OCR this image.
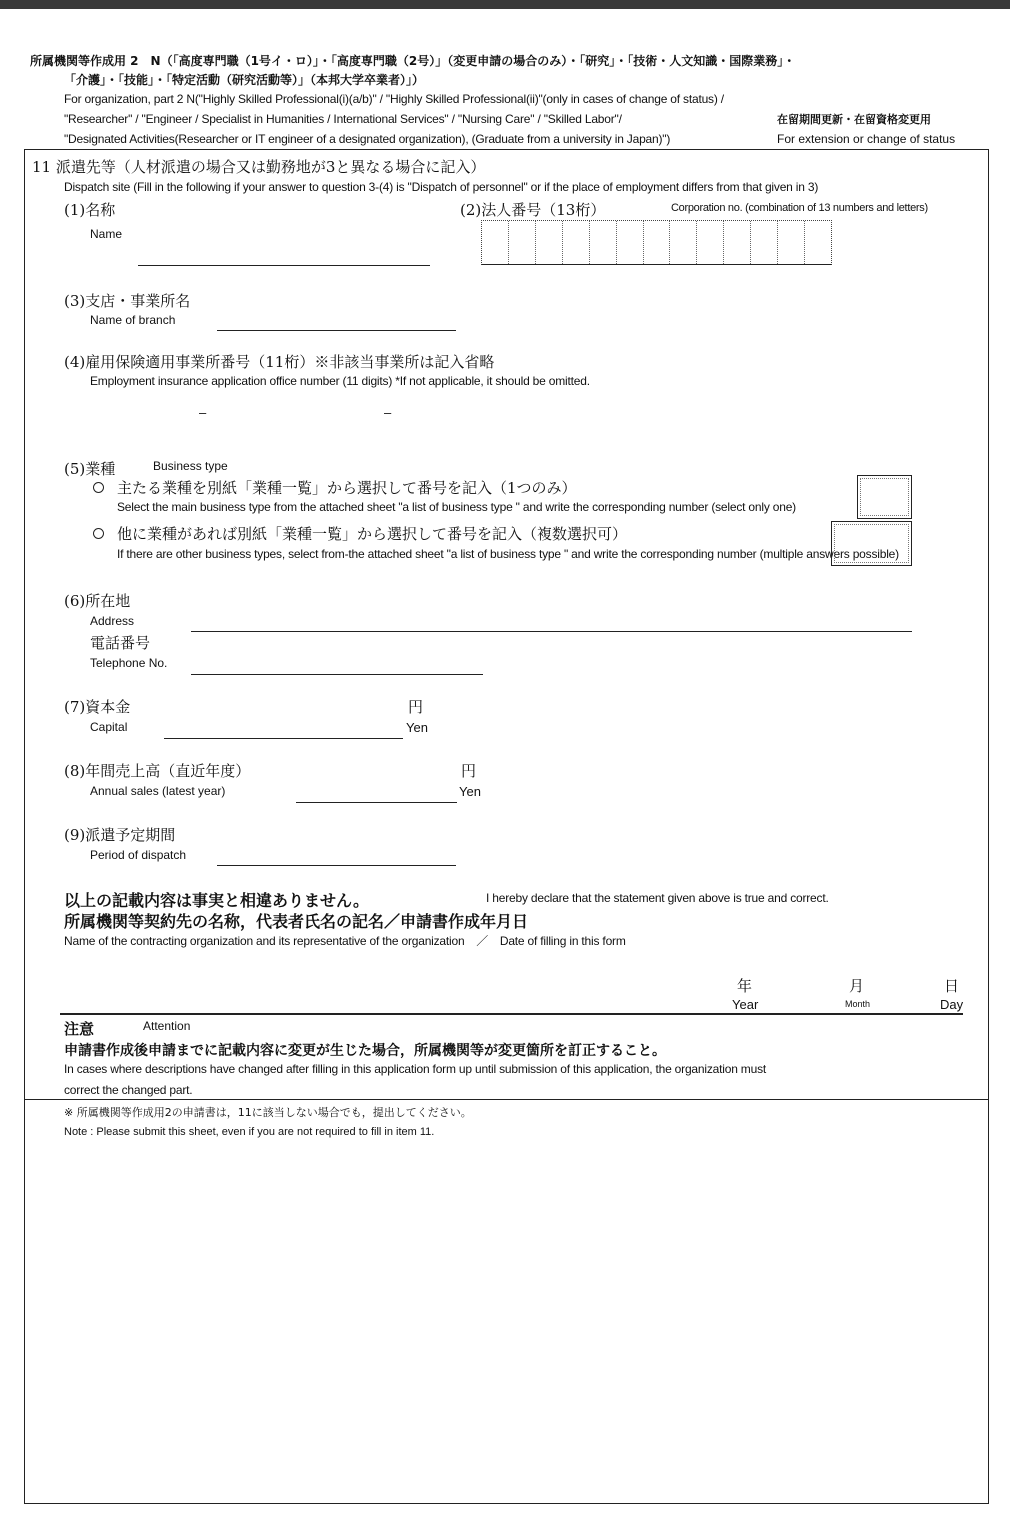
所属機関等作成用 2　N（「高度専門職（1号イ・ロ）」・「高度専門職（2号）」（変更申請の場合のみ）・「研究」・「技術・人文知識・国際業務」・
「介護」・「技能」・「特定活動（研究活動等）」（本邦大学卒業者）」）
For organization, part 2 N("Highly Skilled Professional(i)(a/b)" / "Highly Skilled Professional(ii)"(only in cases of change of status) /
"Researcher" / "Engineer / Specialist in Humanities / International Services" / "Nursing Care" / "Skilled Labor"/
"Designated Activities(Researcher or IT engineer of a designated organization), (Graduate from a university in Japan)")
在留期間更新・在留資格変更用
For extension or change of status
11 派遣先等（人材派遣の場合又は勤務地が3と異なる場合に記入）
Dispatch site (Fill in the following if your answer to question 3-(4) is "Dispatch of personnel" or if the place of employment differs from that given in 3)
(1)名称
Name
(2)法人番号（13桁）	Corporation no. (combination of 13 numbers and letters)
(3)支店・事業所名
Name of branch
(4)雇用保険適用事業所番号（11桁）※非該当事業所は記入省略
Employment insurance application office number (11 digits) *If not applicable, it should be omitted.
–	–
(5)業種	Business type
主たる業種を別紙「業種一覧」から選択して番号を記入（1つのみ）
Select the main business type from the attached sheet "a list of business type " and write the corresponding number (select only one)
他に業種があれば別紙「業種一覧」から選択して番号を記入（複数選択可）
If there are other business types, select from-the attached sheet "a list of business type " and write the corresponding number (multiple answers possible)
(6)所在地
Address
電話番号
Telephone No.
(7)資本金
Capital
円
Yen
(8)年間売上高（直近年度）
Annual sales (latest year)
円
Yen
(9)派遣予定期間
Period of dispatch
以上の記載内容は事実と相違ありません。	I hereby declare that the statement given above is true and correct.
所属機関等契約先の名称，代表者氏名の記名／申請書作成年月日
Name of the contracting organization and its representative of the organization　／　Date of filling in this form
年
Year
月
Month
日
Day
注意	Attention
申請書作成後申請までに記載内容に変更が生じた場合，所属機関等が変更箇所を訂正すること。
In cases where descriptions have changed after filling in this application form up until submission of this application, the organization must
correct the changed part.
※ 所属機関等作成用2の申請書は，11に該当しない場合でも，提出してください。
Note : Please submit this sheet, even if you are not required to fill in item 11.
